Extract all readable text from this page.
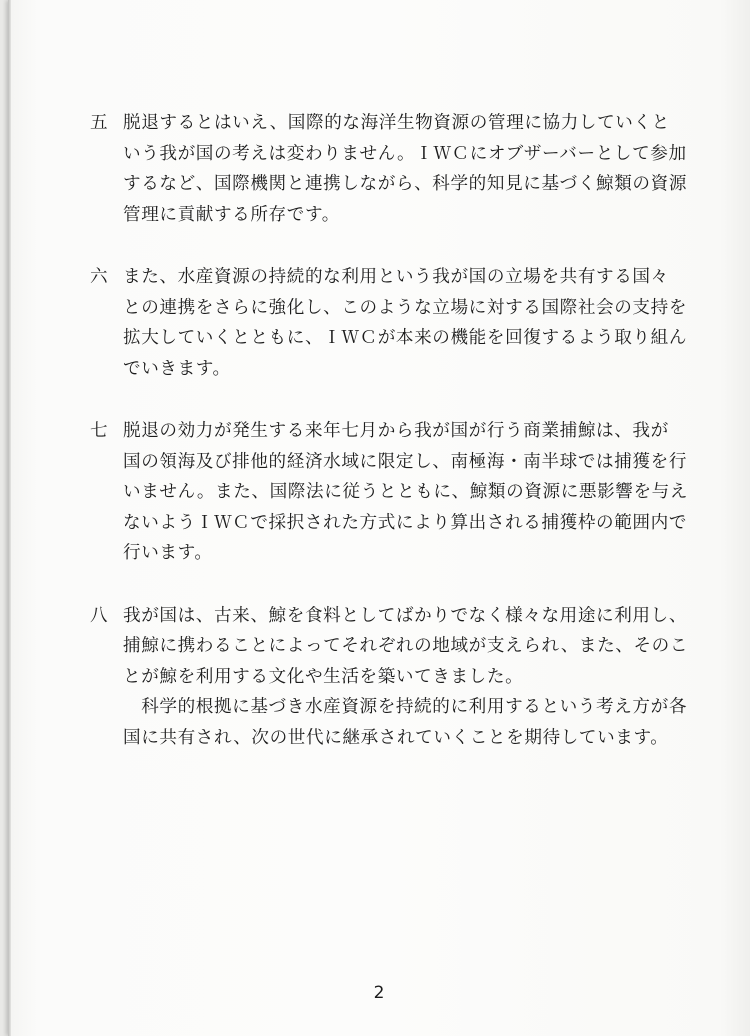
五 脱退するとはいえ、国際的な海洋生物資源の管理に協力していくと
いう我が国の考えは変わりません。ＩＷＣにオブザーバーとして参加
するなど、国際機関と連携しながら、科学的知見に基づく鯨類の資源
管理に貢献する所存です。
六 また、水産資源の持続的な利用という我が国の立場を共有する国々
との連携をさらに強化し、このような立場に対する国際社会の支持を
拡大していくとともに、ＩＷＣが本来の機能を回復するよう取り組ん
でいきます。
七 脱退の効力が発生する来年七月から我が国が行う商業捕鯨は、我が
国の領海及び排他的経済水域に限定し、南極海・南半球では捕獲を行
いません。また、国際法に従うとともに、鯨類の資源に悪影響を与え
ないようＩＷＣで採択された方式により算出される捕獲枠の範囲内で
行います。
八 我が国は、古来、鯨を食料としてばかりでなく様々な用途に利用し、
捕鯨に携わることによってそれぞれの地域が支えられ、また、そのこ
とが鯨を利用する文化や生活を築いてきました。
　科学的根拠に基づき水産資源を持続的に利用するという考え方が各
国に共有され、次の世代に継承されていくことを期待しています。
2
